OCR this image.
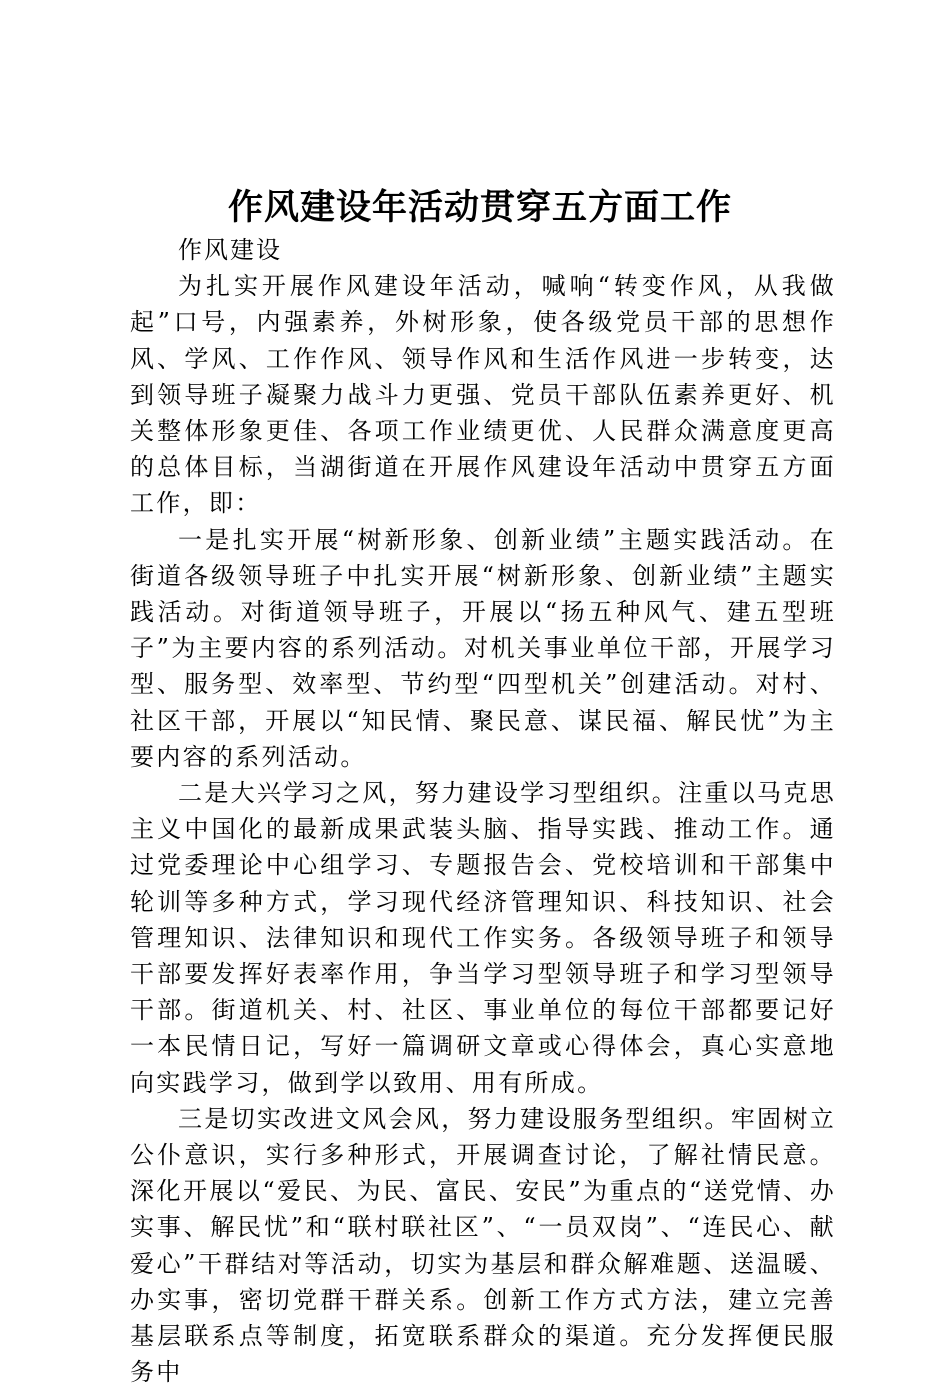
作风建设年活动贯穿五方面工作

作风建设

为扎实开展作风建设年活动，喊响“转变作风，从我做起”口号，内强素养，外树形象，使各级党员干部的思想作风、学风、工作作风、领导作风和生活作风进一步转变，达到领导班子凝聚力战斗力更强、党员干部队伍素养更好、机关整体形象更佳、各项工作业绩更优、人民群众满意度更高的总体目标，当湖街道在开展作风建设年活动中贯穿五方面工作，即：

一是扎实开展“树新形象、创新业绩”主题实践活动。在街道各级领导班子中扎实开展“树新形象、创新业绩”主题实践活动。对街道领导班子，开展以“扬五种风气、建五型班子”为主要内容的系列活动。对机关事业单位干部，开展学习型、服务型、效率型、节约型“四型机关”创建活动。对村、社区干部，开展以“知民情、聚民意、谋民福、解民忧”为主要内容的系列活动。

二是大兴学习之风，努力建设学习型组织。注重以马克思主义中国化的最新成果武装头脑、指导实践、推动工作。通过党委理论中心组学习、专题报告会、党校培训和干部集中轮训等多种方式，学习现代经济管理知识、科技知识、社会管理知识、法律知识和现代工作实务。各级领导班子和领导干部要发挥好表率作用，争当学习型领导班子和学习型领导干部。街道机关、村、社区、事业单位的每位干部都要记好一本民情日记，写好一篇调研文章或心得体会，真心实意地向实践学习，做到学以致用、用有所成。

三是切实改进文风会风，努力建设服务型组织。牢固树立公仆意识，实行多种形式，开展调查讨论，了解社情民意。深化开展以“爱民、为民、富民、安民”为重点的“送党情、办实事、解民忧”和“联村联社区”、“一员双岗”、“连民心、献爱心”干群结对等活动，切实为基层和群众解难题、送温暖、办实事，密切党群干群关系。创新工作方式方法，建立完善基层联系点等制度，拓宽联系群众的渠道。充分发挥便民服务中
